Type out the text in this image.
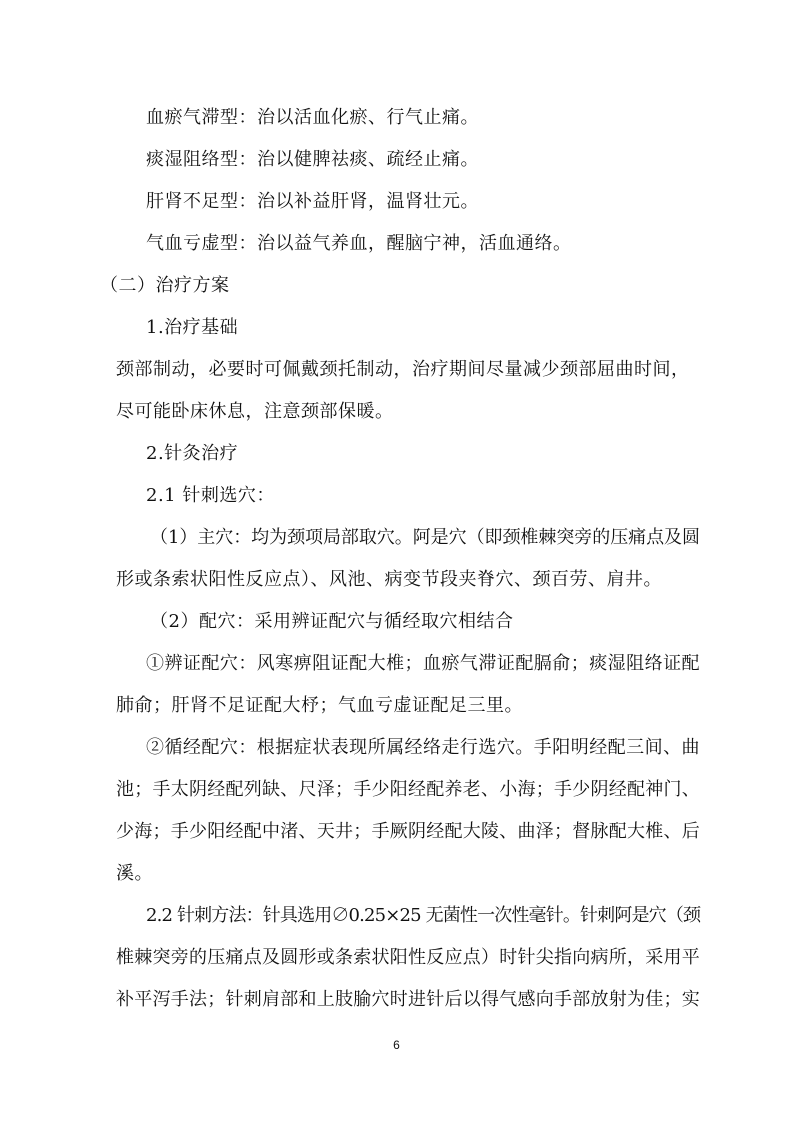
血瘀气滞型：治以活血化瘀、行气止痛。
痰湿阻络型：治以健脾祛痰、疏经止痛。
肝肾不足型：治以补益肝肾，温肾壮元。
气血亏虚型：治以益气养血，醒脑宁神，活血通络。
（二）治疗方案
1.治疗基础
颈部制动，必要时可佩戴颈托制动，治疗期间尽量减少颈部屈曲时间，
尽可能卧床休息，注意颈部保暖。
2.针灸治疗
2.1 针刺选穴：
（1）主穴：均为颈项局部取穴。阿是穴（即颈椎棘突旁的压痛点及圆
形或条索状阳性反应点）、风池、病变节段夹脊穴、颈百劳、肩井。
（2）配穴：采用辨证配穴与循经取穴相结合
①辨证配穴：风寒痹阻证配大椎；血瘀气滞证配膈俞；痰湿阻络证配
肺俞；肝肾不足证配大杼；气血亏虚证配足三里。
②循经配穴：根据症状表现所属经络走行选穴。手阳明经配三间、曲
池；手太阴经配列缺、尺泽；手少阳经配养老、小海；手少阴经配神门、
少海；手少阳经配中渚、天井；手厥阴经配大陵、曲泽；督脉配大椎、后
溪。
2.2 针刺方法：针具选用∅0.25×25 无菌性一次性毫针。针刺阿是穴（颈
椎棘突旁的压痛点及圆形或条索状阳性反应点）时针尖指向病所，采用平
补平泻手法；针刺肩部和上肢腧穴时进针后以得气感向手部放射为佳；实
6
